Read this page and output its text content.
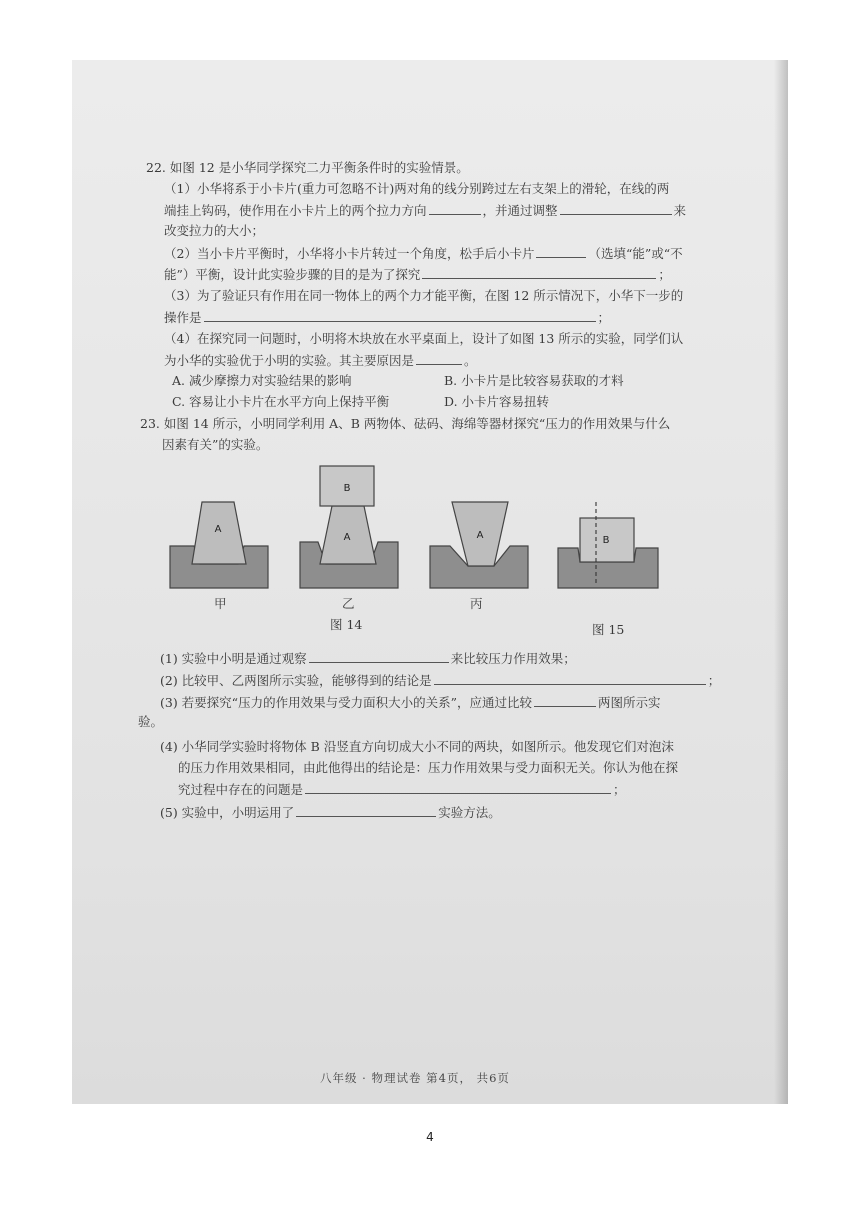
22. 如图 12 是小华同学探究二力平衡条件时的实验情景。
（1）小华将系于小卡片(重力可忽略不计)两对角的线分别跨过左右支架上的滑轮，在线的两
端挂上钩码，使作用在小卡片上的两个拉力方向	，并通过调整	来
改变拉力的大小；
（2）当小卡片平衡时，小华将小卡片转过一个角度，松手后小卡片	（选填“能”或“不
能”）平衡，设计此实验步骤的目的是为了探究	；
（3）为了验证只有作用在同一物体上的两个力才能平衡，在图 12 所示情况下，小华下一步的
操作是	；
（4）在探究同一问题时，小明将木块放在水平桌面上，设计了如图 13 所示的实验，同学们认
为小华的实验优于小明的实验。其主要原因是	。
A. 减少摩擦力对实验结果的影响	B. 小卡片是比较容易获取的才料
C. 容易让小卡片在水平方向上保持平衡	D. 小卡片容易扭转
23. 如图 14 所示，小明同学利用 A、B 两物体、砝码、海绵等器材探究“压力的作用效果与什么
因素有关”的实验。
A
甲
B
A
乙
A
丙
B
图 14	图 15
(1) 实验中小明是通过观察	来比较压力作用效果；
(2) 比较甲、乙两图所示实验，能够得到的结论是	；
(3) 若要探究“压力的作用效果与受力面积大小的关系”，应通过比较	两图所示实
验。
(4) 小华同学实验时将物体 B 沿竖直方向切成大小不同的两块，如图所示。他发现它们对泡沫
的压力作用效果相同，由此他得出的结论是：压力作用效果与受力面积无关。你认为他在探
究过程中存在的问题是	；
(5) 实验中，小明运用了	实验方法。
八年级 · 物理试卷 第4页， 共6页
4
